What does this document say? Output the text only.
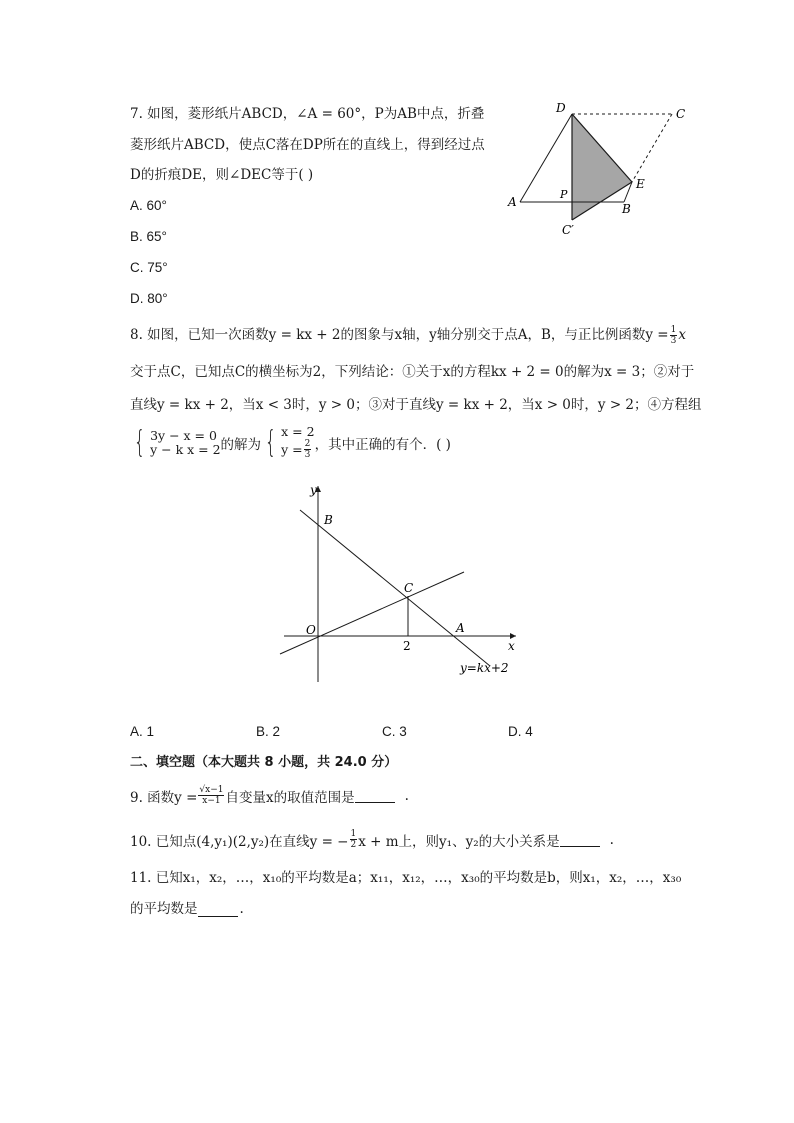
7. 如图，菱形纸片ABCD，∠A = 60°，P为AB中点，折叠
菱形纸片ABCD，使点C落在DP所在的直线上，得到经过点
D的折痕DE，则∠DEC等于( )
A. 60°
B. 65°
C. 75°
D. 80°
D	C
A	B
P
E
C′
8. 如图，已知一次函数y = kx + 2的图象与x轴，y轴分别交于点A，B，与正比例函数$y = \frac{1}{3}$ x
交于点C，已知点C的横坐标为2，下列结论：①关于x的方程kx + 2 = 0的解为x = 3；②对于
直线y = kx + 2，当x < 3时，y > 0；③对于直线y = kx + 2，当x > 0时，y > 2；④方程组
{ 3y − x = 0
y − k x = 2 的解为 { x = 2
$y = \frac{2}{3}$ ，其中正确的有个．( )
y
x
B
C
O	A
2
y=kx+2
A. 1	B. 2	C. 3	D. 4
二、填空题（本大题共 8 小题，共 24.0 分）
9. 函数$y = \frac{√x-1}{x-1}$ 自变量x的取值范围是	.
10. 已知点(4,y₁)(2,y₂)在直线y = − $\frac{1}{2}$ x + m上，则y₁、y₂的大小关系是	.
11. 已知x₁，x₂，…，x₁₀的平均数是a；x₁₁，x₁₂，…，x₃₀的平均数是b，则x₁，x₂，…，x₃₀
的平均数是	.
